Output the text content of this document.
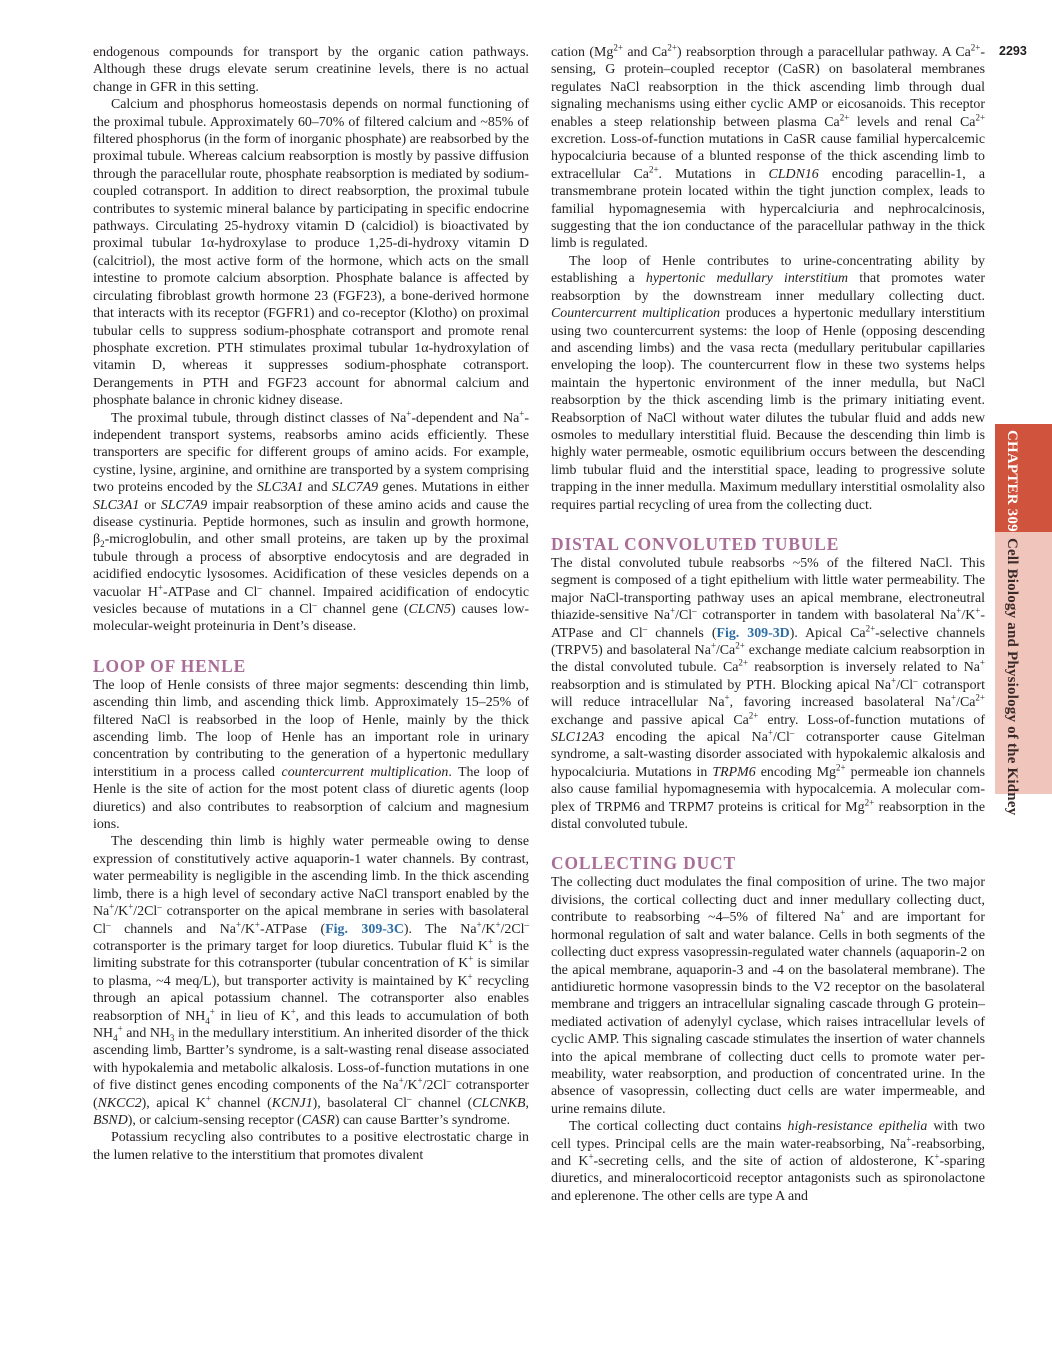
2293
CHAPTER 309Cell Biology and Physiology of the Kidney

endogenous compounds for transport by the organic cation pathways. Although these drugs elevate serum creatinine levels, there is no actual change in GFR in this setting.

Calcium and phosphorus homeostasis depends on normal functioning of the proximal tubule. Approximately 60–70% of filtered calcium and ~85% of filtered phosphorus (in the form of inorganic phosphate) are reabsorbed by the proximal tubule. Whereas calcium reabsorption is mostly by passive diffusion through the paracellular route, phosphate reabsorption is mediated by sodium-coupled cotransport. In addition to direct reabsorption, the proximal tubule contributes to systemic mineral balance by participating in specific endocrine pathways. Circulating 25-hydroxy vitamin D (calcidiol) is bioactivated by proximal tubular 1α-hydroxylase to produce 1,25-di-hydroxy vitamin D (calcitriol), the most active form of the hormone, which acts on the small intestine to promote calcium absorption. Phosphate balance is affected by circulating fibroblast growth hormone 23 (FGF23), a bone-derived hormone that interacts with its receptor (FGFR1) and co-receptor (Klotho) on proximal tubular cells to suppress sodium-phosphate cotransport and promote renal phosphate excretion. PTH stimulates proximal tubular 1α-hydroxylation of vitamin D, whereas it suppresses sodium-phosphate cotransport. Derangements in PTH and FGF23 account for abnormal calcium and phosphate balance in chronic kidney disease.

The proximal tubule, through distinct classes of Na+-dependent and Na+-independent transport systems, reabsorbs amino acids efficiently. These transporters are specific for different groups of amino acids. For example, cystine, lysine, arginine, and ornithine are transported by a system comprising two proteins encoded by the SLC3A1 and SLC7A9 genes. Mutations in either SLC3A1 or SLC7A9 impair reabsorption of these amino acids and cause the disease cystinuria. Peptide hormones, such as insulin and growth hormone, $\beta_2$-microglobulin, and other small proteins, are taken up by the proximal tubule through a process of absorptive endocytosis and are degraded in acidified endocytic lysosomes. Acidification of these vesicles depends on a vacuolar H+-ATPase and Cl– channel. Impaired acidification of endocytic vesicles because of mutations in a Cl– channel gene (CLCN5) causes low-molecular-weight proteinuria in Dent’s disease.

LOOP OF HENLE

The loop of Henle consists of three major segments: descending thin limb, ascending thin limb, and ascending thick limb. Approximately 15–25% of filtered NaCl is reabsorbed in the loop of Henle, mainly by the thick ascending limb. The loop of Henle has an important role in urinary concentration by contributing to the generation of a hypertonic medullary interstitium in a process called countercurrent multiplication. The loop of Henle is the site of action for the most potent class of diuretic agents (loop diuretics) and also contributes to reabsorption of calcium and magnesium ions.

The descending thin limb is highly water permeable owing to dense expression of constitutively active aquaporin-1 water channels. By contrast, water permeability is negligible in the ascending limb. In the thick ascending limb, there is a high level of secondary active NaCl transport enabled by the Na+/K+/2Cl– cotransporter on the apical membrane in series with basolateral Cl– channels and Na+/K+-ATPase (Fig. 309-3C). The Na+/K+/2Cl– cotransporter is the primary target for loop diuretics. Tubular fluid K+ is the limiting substrate for this cotransporter (tubular concentration of K+ is similar to plasma, ~4 meq/L), but transporter activity is maintained by K+ recycling through an apical potassium channel. The cotransporter also enables reabsorption of $NH_4^+$ in lieu of K+, and this leads to accumulation of both $NH_4^+$ and $NH_3$ in the medullary interstitium. An inherited disorder of the thick ascending limb, Bartter’s syndrome, is a salt-wasting renal disease associated with hypokalemia and metabolic alkalosis. Loss-of-function mutations in one of five distinct genes encoding components of the Na+/K+/2Cl– cotransporter (NKCC2), apical K+ channel (KCNJ1), basolateral Cl– channel (CLCNKB, BSND), or calcium-sensing receptor (CASR) can cause Bartter’s syndrome.

Potassium recycling also contributes to a positive electrostatic charge in the lumen relative to the interstitium that promotes divalent

cation ($Mg^{2+}$ and $Ca^{2+}$) reabsorption through a paracellular pathway. A $Ca^{2+}$-sensing, G protein–coupled receptor (CaSR) on basolateral membranes regulates NaCl reabsorption in the thick ascending limb through dual signaling mechanisms using either cyclic AMP or eicosanoids. This receptor enables a steep relationship between plasma $Ca^{2+}$ levels and renal $Ca^{2+}$ excretion. Loss-of-function mutations in CaSR cause familial hypercalcemic hypocalciuria because of a blunted response of the thick ascending limb to extracellular $Ca^{2+}$. Mutations in CLDN16 encoding paracellin-1, a transmembrane protein located within the tight junction complex, leads to familial hypomagnesemia with hypercalciuria and nephrocalcinosis, suggesting that the ion conductance of the paracellular pathway in the thick limb is regulated.

The loop of Henle contributes to urine-concentrating ability by establishing a hypertonic medullary interstitium that promotes water reabsorption by the downstream inner medullary collecting duct. Countercurrent multiplication produces a hypertonic medullary interstitium using two countercurrent systems: the loop of Henle (opposing descending and ascending limbs) and the vasa recta (medullary peritubular capillaries enveloping the loop). The countercurrent flow in these two systems helps maintain the hypertonic environment of the inner medulla, but NaCl reabsorption by the thick ascending limb is the primary initiating event. Reabsorption of NaCl without water dilutes the tubular fluid and adds new osmoles to medullary interstitial fluid. Because the descending thin limb is highly water permeable, osmotic equilibrium occurs between the descending limb tubular fluid and the interstitial space, leading to progressive solute trapping in the inner medulla. Maximum medullary interstitial osmolality also requires partial recycling of urea from the collecting duct.

DISTAL CONVOLUTED TUBULE

The distal convoluted tubule reabsorbs ~5% of the filtered NaCl. This segment is composed of a tight epithelium with little water permeability. The major NaCl-transporting pathway uses an apical membrane, electroneutral thiazide-sensitive Na+/Cl– cotransporter in tandem with basolateral Na+/K+-ATPase and Cl– channels (Fig. 309-3D). Apical $Ca^{2+}$-selective channels (TRPV5) and basolateral $Na^+/Ca^{2+}$ exchange mediate calcium reabsorption in the distal convoluted tubule. $Ca^{2+}$ reabsorption is inversely related to Na+ reabsorption and is stimulated by PTH. Blocking apical Na+/Cl– cotransport will reduce intracellular Na+, favoring increased basolateral $Na^+/Ca^{2+}$ exchange and passive apical $Ca^{2+}$ entry. Loss-of-function mutations of SLC12A3 encoding the apical Na+/Cl– cotransporter cause Gitelman syndrome, a salt-wasting disorder associated with hypokalemic alkalosis and hypocalciuria. Mutations in TRPM6 encoding $Mg^{2+}$ permeable ion channels also cause familial hypomagnesemia with hypocalcemia. A molecular complex of TRPM6 and TRPM7 proteins is critical for $Mg^{2+}$ reabsorption in the distal convoluted tubule.

COLLECTING DUCT

The collecting duct modulates the final composition of urine. The two major divisions, the cortical collecting duct and inner medullary collecting duct, contribute to reabsorbing ~4–5% of filtered Na+ and are important for hormonal regulation of salt and water balance. Cells in both segments of the collecting duct express vasopressin-regulated water channels (aquaporin-2 on the apical membrane, aquaporin-3 and -4 on the basolateral membrane). The antidiuretic hormone vasopressin binds to the V2 receptor on the basolateral membrane and triggers an intracellular signaling cascade through G protein–mediated activation of adenylyl cyclase, which raises intracellular levels of cyclic AMP. This signaling cascade stimulates the insertion of water channels into the apical membrane of collecting duct cells to promote water permeability, water reabsorption, and production of concentrated urine. In the absence of vasopressin, collecting duct cells are water impermeable, and urine remains dilute.

The cortical collecting duct contains high-resistance epithelia with two cell types. Principal cells are the main water-reabsorbing, Na+-reabsorbing, and K+-secreting cells, and the site of action of aldosterone, K+-sparing diuretics, and mineralocorticoid receptor antagonists such as spironolactone and eplerenone. The other cells are type A and
